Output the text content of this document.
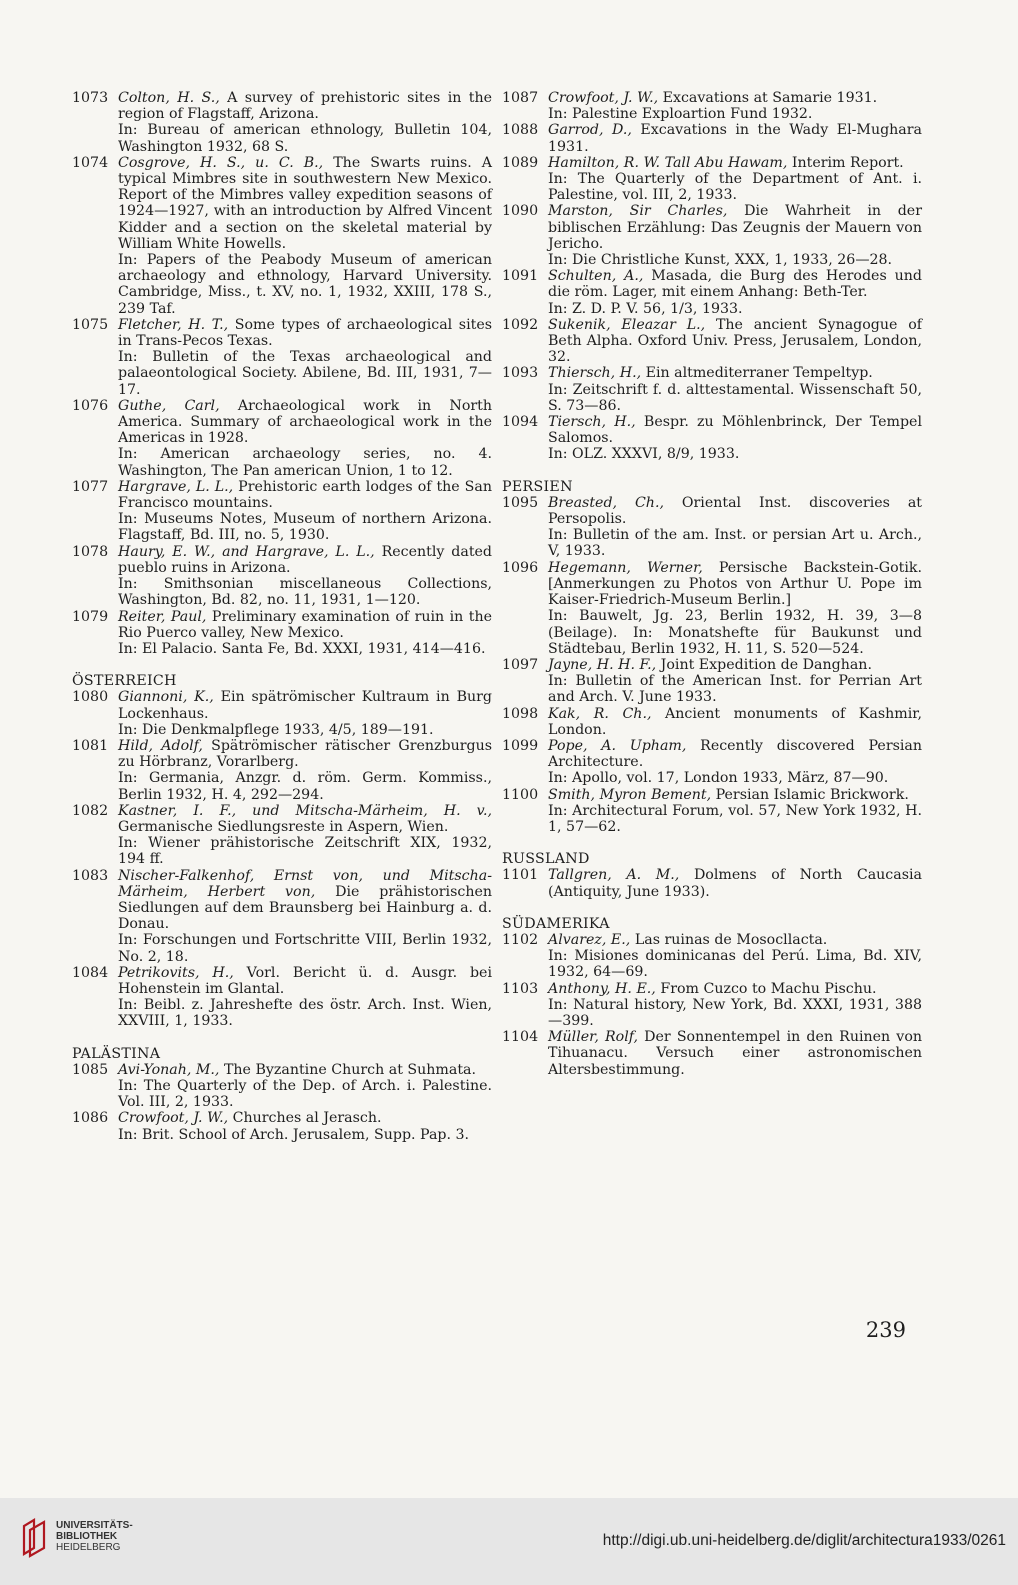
1073 Colton, H. S., A survey of prehistoric sites in the region of Flagstaff, Arizona.
In: Bureau of american ethnology, Bulletin 104, Washington 1932, 68 S.
1074 Cosgrove, H. S., u. C. B., The Swarts ruins. A typical Mimbres site in southwestern New Mexico. Report of the Mimbres valley expedition seasons of 1924—1927, with an introduction by Alfred Vincent Kidder and a section on the skeletal material by William White Howells.
In: Papers of the Peabody Museum of american archaeology and ethnology, Harvard University. Cambridge, Miss., t. XV, no. 1, 1932, XXIII, 178 S., 239 Taf.
1075 Fletcher, H. T., Some types of archaeological sites in Trans-Pecos Texas.
In: Bulletin of the Texas archaeological and palaeontological Society. Abilene, Bd. III, 1931, 7—17.
1076 Guthe, Carl, Archaeological work in North America. Summary of archaeological work in the Americas in 1928.
In: American archaeology series, no. 4. Washington, The Pan american Union, 1 to 12.
1077 Hargrave, L. L., Prehistoric earth lodges of the San Francisco mountains.
In: Museums Notes, Museum of northern Arizona. Flagstaff, Bd. III, no. 5, 1930.
1078 Haury, E. W., and Hargrave, L. L., Recently dated pueblo ruins in Arizona.
In: Smithsonian miscellaneous Collections, Washington, Bd. 82, no. 11, 1931, 1—120.
1079 Reiter, Paul, Preliminary examination of ruin in the Rio Puerco valley, New Mexico.
In: El Palacio. Santa Fe, Bd. XXXI, 1931, 414—416.
ÖSTERREICH
1080 Giannoni, K., Ein spätrömischer Kultraum in Burg Lockenhaus.
In: Die Denkmalpflege 1933, 4/5, 189—191.
1081 Hild, Adolf, Spätrömischer rätischer Grenzburgus zu Hörbranz, Vorarlberg.
In: Germania, Anzgr. d. röm. Germ. Kommiss., Berlin 1932, H. 4, 292—294.
1082 Kastner, I. F., und Mitscha-Märheim, H. v., Germanische Siedlungsreste in Aspern, Wien.
In: Wiener prähistorische Zeitschrift XIX, 1932, 194 ff.
1083 Nischer-Falkenhof, Ernst von, und Mitscha-Märheim, Herbert von, Die prähistorischen Siedlungen auf dem Braunsberg bei Hainburg a. d. Donau.
In: Forschungen und Fortschritte VIII, Berlin 1932, No. 2, 18.
1084 Petrikovits, H., Vorl. Bericht ü. d. Ausgr. bei Hohenstein im Glantal.
In: Beibl. z. Jahreshefte des östr. Arch. Inst. Wien, XXVIII, 1, 1933.
PALÄSTINA
1085 Avi-Yonah, M., The Byzantine Church at Suhmata.
In: The Quarterly of the Dep. of Arch. i. Palestine. Vol. III, 2, 1933.
1086 Crowfoot, J. W., Churches al Jerasch.
In: Brit. School of Arch. Jerusalem, Supp. Pap. 3.
1087 Crowfoot, J. W., Excavations at Samarie 1931.
In: Palestine Exploartion Fund 1932.
1088 Garrod, D., Excavations in the Wady El-Mughara 1931.
1089 Hamilton, R. W. Tall Abu Hawam, Interim Report.
In: The Quarterly of the Department of Ant. i. Palestine, vol. III, 2, 1933.
1090 Marston, Sir Charles, Die Wahrheit in der biblischen Erzählung: Das Zeugnis der Mauern von Jericho.
In: Die Christliche Kunst, XXX, 1, 1933, 26—28.
1091 Schulten, A., Masada, die Burg des Herodes und die röm. Lager, mit einem Anhang: Beth-Ter.
In: Z. D. P. V. 56, 1/3, 1933.
1092 Sukenik, Eleazar L., The ancient Synagogue of Beth Alpha. Oxford Univ. Press, Jerusalem, London, 32.
1093 Thiersch, H., Ein altmediterraner Tempeltyp.
In: Zeitschrift f. d. alttestamental. Wissenschaft 50, S. 73—86.
1094 Tiersch, H., Bespr. zu Möhlenbrinck, Der Tempel Salomos.
In: OLZ. XXXVI, 8/9, 1933.
PERSIEN
1095 Breasted, Ch., Oriental Inst. discoveries at Persopolis.
In: Bulletin of the am. Inst. or persian Art u. Arch., V, 1933.
1096 Hegemann, Werner, Persische Backstein-Gotik. [Anmerkungen zu Photos von Arthur U. Pope im Kaiser-Friedrich-Museum Berlin.]
In: Bauwelt, Jg. 23, Berlin 1932, H. 39, 3—8 (Beilage). In: Monatshefte für Baukunst und Städtebau, Berlin 1932, H. 11, S. 520—524.
1097 Jayne, H. H. F., Joint Expedition de Danghan.
In: Bulletin of the American Inst. for Perrian Art and Arch. V. June 1933.
1098 Kak, R. Ch., Ancient monuments of Kashmir, London.
1099 Pope, A. Upham, Recently discovered Persian Architecture.
In: Apollo, vol. 17, London 1933, März, 87—90.
1100 Smith, Myron Bement, Persian Islamic Brickwork.
In: Architectural Forum, vol. 57, New York 1932, H. 1, 57—62.
RUSSLAND
1101 Tallgren, A. M., Dolmens of North Caucasia (Antiquity, June 1933).
SÜDAMERIKA
1102 Alvarez, E., Las ruinas de Mosocllacta.
In: Misiones dominicanas del Perú. Lima, Bd. XIV, 1932, 64—69.
1103 Anthony, H. E., From Cuzco to Machu Pischu.
In: Natural history, New York, Bd. XXXI, 1931, 388—399.
1104 Müller, Rolf, Der Sonnentempel in den Ruinen von Tihuanacu. Versuch einer astronomischen Altersbestimmung.
239
UNIVERSITÄTS-
BIBLIOTHEK
HEIDELBERG	http://digi.ub.uni-heidelberg.de/diglit/architectura1933/0261
